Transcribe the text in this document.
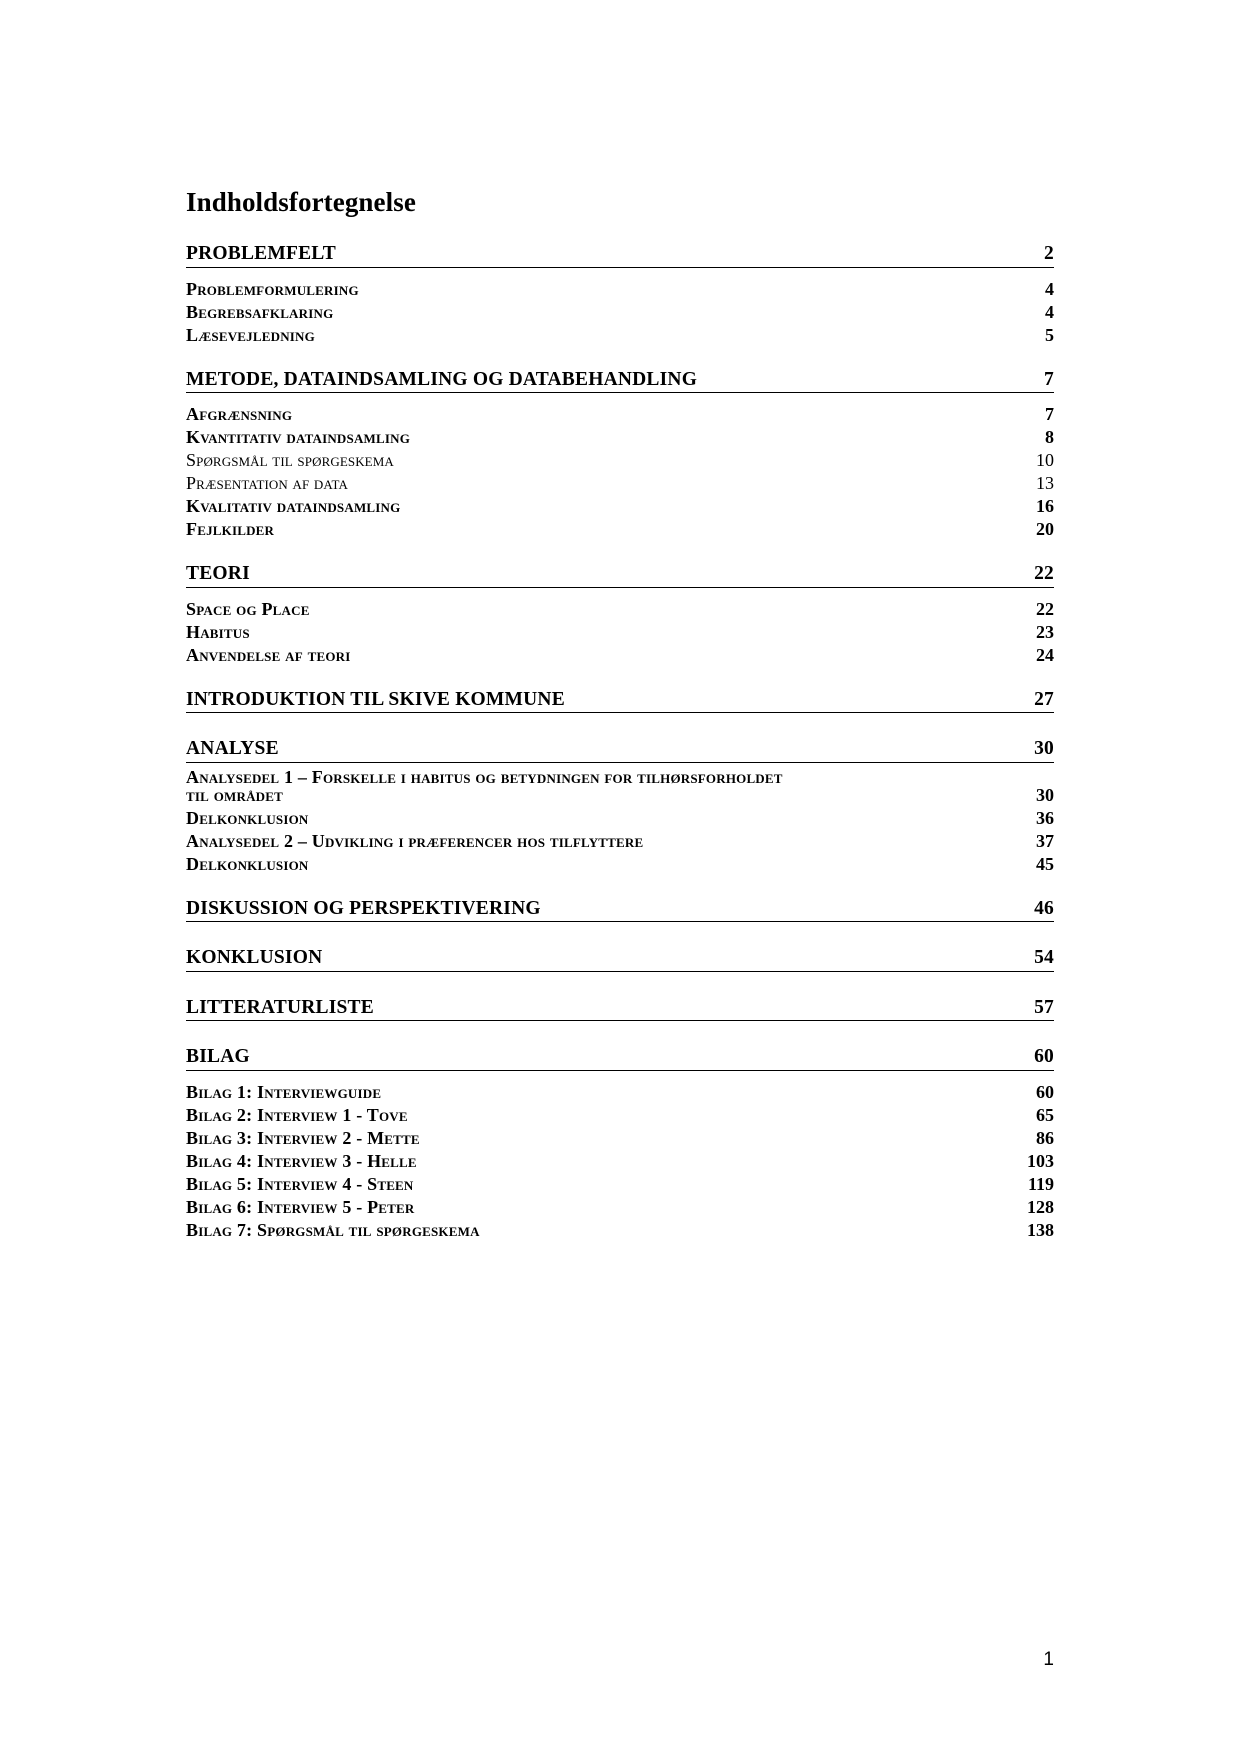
Indholdsfortegnelse
PROBLEMFELT	2
Problemformulering	4
Begrebsafklaring	4
Læsevejledning	5
METODE, DATAINDSAMLING OG DATABEHANDLING	7
Afgrænsning	7
Kvantitativ dataindsamling	8
Spørgsmål til spørgeskema	10
Præsentation af data	13
Kvalitativ dataindsamling	16
Fejlkilder	20
TEORI	22
Space og Place	22
Habitus	23
Anvendelse af teori	24
INTRODUKTION TIL SKIVE KOMMUNE	27
ANALYSE	30
Analysedel 1 – Forskelle i habitus og betydningen for tilhørsforholdet
til området	30
Delkonklusion	36
Analysedel 2 – Udvikling i præferencer hos tilflyttere	37
Delkonklusion	45
DISKUSSION OG PERSPEKTIVERING	46
KONKLUSION	54
LITTERATURLISTE	57
BILAG	60
Bilag 1: Interviewguide	60
Bilag 2: Interview 1 - Tove	65
Bilag 3: Interview 2 - Mette	86
Bilag 4: Interview 3 - Helle	103
Bilag 5: Interview 4 - Steen	119
Bilag 6: Interview 5 - Peter	128
Bilag 7: Spørgsmål til spørgeskema	138
1
